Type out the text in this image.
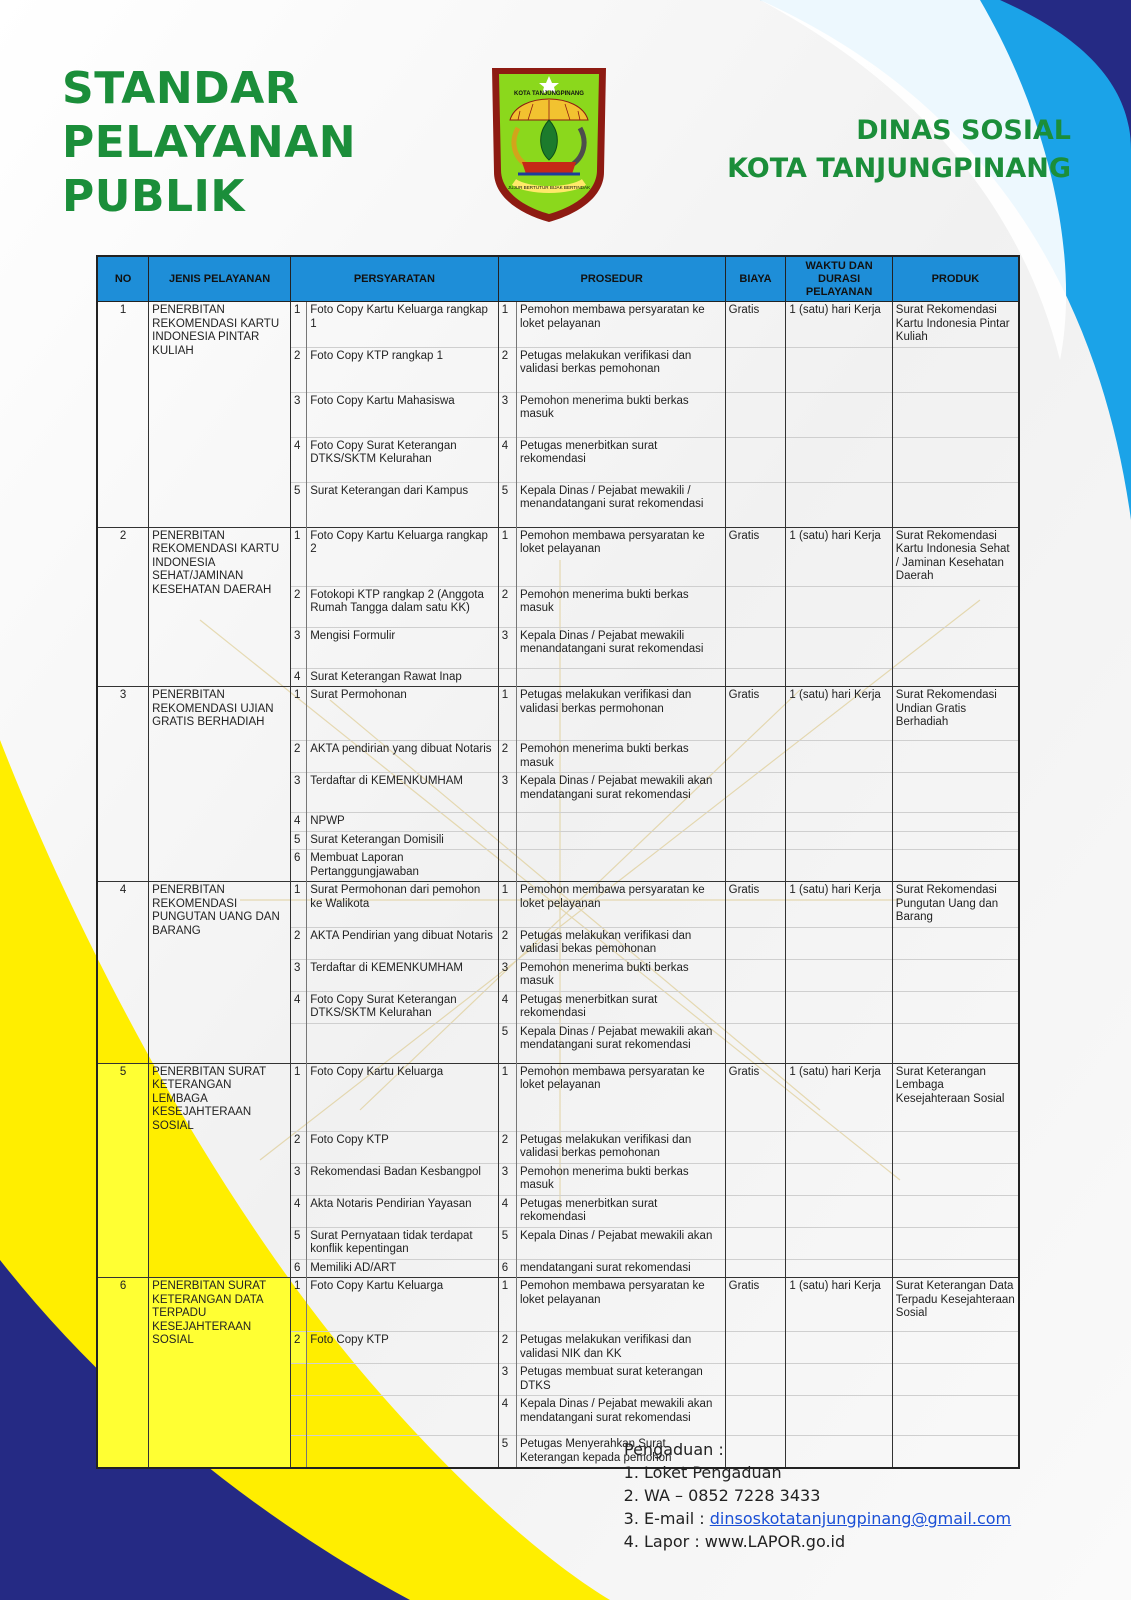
STANDAR
PELAYANAN
PUBLIK
KOTA TANJUNGPINANG
JUJUR BERTUTUR BIJAK BERTINDAK
DINAS SOSIAL
KOTA TANJUNGPINANG
NO	JENIS PELAYANAN	PERSYARATAN		PROSEDUR		BIAYA	WAKTU DAN DURASI PELAYANAN	PRODUK
1	PENERBITAN REKOMENDASI KARTU INDONESIA PINTAR KULIAH	1	Foto Copy Kartu Keluarga rangkap 1	1	Pemohon membawa persyaratan ke loket pelayanan	Gratis	1 (satu) hari Kerja	Surat Rekomendasi Kartu Indonesia Pintar Kuliah
		2	Foto Copy KTP rangkap 1	2	Petugas melakukan verifikasi dan validasi berkas pemohonan			
		3	Foto Copy Kartu Mahasiswa	3	Pemohon menerima bukti berkas masuk			
		4	Foto Copy Surat Keterangan DTKS/SKTM Kelurahan	4	Petugas menerbitkan surat rekomendasi			
		5	Surat Keterangan dari Kampus	5	Kepala Dinas / Pejabat mewakili / menandatangani surat rekomendasi			
2	PENERBITAN REKOMENDASI KARTU INDONESIA SEHAT/JAMINAN KESEHATAN DAERAH	1	Foto Copy Kartu Keluarga rangkap 2	1	Pemohon membawa persyaratan ke loket pelayanan	Gratis	1 (satu) hari Kerja	Surat Rekomendasi Kartu Indonesia Sehat / Jaminan Kesehatan Daerah
		2	Fotokopi KTP rangkap 2 (Anggota Rumah Tangga dalam satu KK)	2	Pemohon menerima bukti berkas masuk			
		3	Mengisi Formulir	3	Kepala Dinas / Pejabat mewakili menandatangani surat rekomendasi			
		4	Surat Keterangan Rawat Inap					
3	PENERBITAN REKOMENDASI UJIAN GRATIS BERHADIAH	1	Surat Permohonan	1	Petugas melakukan verifikasi dan validasi berkas permohonan	Gratis	1 (satu) hari Kerja	Surat Rekomendasi Undian Gratis Berhadiah
		2	AKTA pendirian yang dibuat Notaris	2	Pemohon menerima bukti berkas masuk			
		3	Terdaftar di KEMENKUMHAM	3	Kepala Dinas / Pejabat mewakili akan mendatangani surat rekomendasi			
		4	NPWP					
		5	Surat Keterangan Domisili					
		6	Membuat Laporan Pertanggungjawaban					
4	PENERBITAN REKOMENDASI PUNGUTAN UANG DAN BARANG	1	Surat Permohonan dari pemohon ke Walikota	1	Pemohon membawa persyaratan ke loket pelayanan	Gratis	1 (satu) hari Kerja	Surat Rekomendasi Pungutan Uang dan Barang
		2	AKTA Pendirian yang dibuat Notaris	2	Petugas melakukan verifikasi dan validasi bekas pemohonan			
		3	Terdaftar di KEMENKUMHAM	3	Pemohon menerima bukti berkas masuk			
		4	Foto Copy Surat Keterangan DTKS/SKTM Kelurahan	4	Petugas menerbitkan surat rekomendasi			
				5	Kepala Dinas / Pejabat mewakili akan mendatangani surat rekomendasi			
5	PENERBITAN SURAT KETERANGAN LEMBAGA KESEJAHTERAAN SOSIAL	1	Foto Copy Kartu Keluarga	1	Pemohon membawa persyaratan ke loket pelayanan	Gratis	1 (satu) hari Kerja	Surat Keterangan Lembaga Kesejahteraan Sosial
		2	Foto Copy KTP	2	Petugas melakukan verifikasi dan validasi berkas pemohonan			
		3	Rekomendasi Badan Kesbangpol	3	Pemohon menerima bukti berkas masuk			
		4	Akta Notaris Pendirian Yayasan	4	Petugas menerbitkan surat rekomendasi			
		5	Surat Pernyataan tidak terdapat konflik kepentingan	5	Kepala Dinas / Pejabat mewakili akan			
		6	Memiliki AD/ART	6	mendatangani surat rekomendasi			
6	PENERBITAN SURAT KETERANGAN DATA TERPADU KESEJAHTERAAN SOSIAL	1	Foto Copy Kartu Keluarga	1	Pemohon membawa persyaratan ke loket pelayanan	Gratis	1 (satu) hari Kerja	Surat Keterangan Data Terpadu Kesejahteraan Sosial
		2	Foto Copy KTP	2	Petugas melakukan verifikasi dan validasi NIK dan KK			
				3	Petugas membuat surat keterangan DTKS			
				4	Kepala Dinas / Pejabat mewakili akan mendatangani surat rekomendasi			
				5	Petugas Menyerahkan Surat Keterangan kepada pemohon			
Pengaduan :
1. Loket Pengaduan
2. WA – 0852 7228 3433
3. E-mail : dinsoskotatanjungpinang@gmail.com
4. Lapor : www.LAPOR.go.id
